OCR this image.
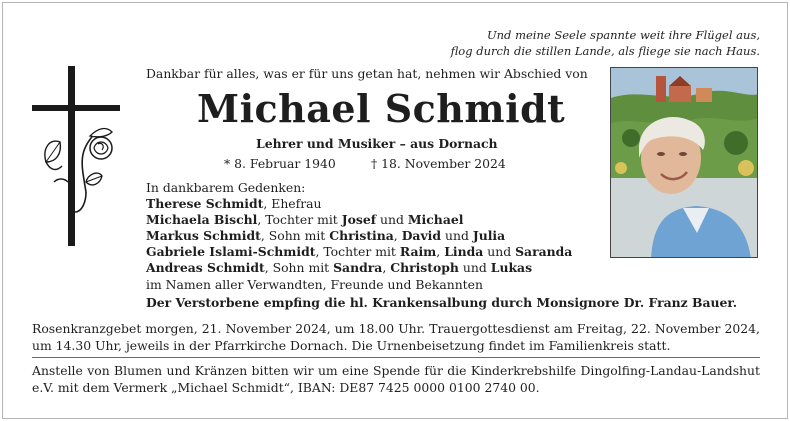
Und meine Seele spannte weit ihre Flügel aus,
flog durch die stillen Lande, als fliege sie nach Haus.
Dankbar für alles, was er für uns getan hat, nehmen wir Abschied von
Michael Schmidt
Lehrer und Musiker – aus Dornach
* 8. Februar 1940	† 18. November 2024
In dankbarem Gedenken:
Therese Schmidt, Ehefrau
Michaela Bischl, Tochter mit Josef und Michael
Markus Schmidt, Sohn mit Christina, David und Julia
Gabriele Islami-Schmidt, Tochter mit Raim, Linda und Saranda
Andreas Schmidt, Sohn mit Sandra, Christoph und Lukas
im Namen aller Verwandten, Freunde und Bekannten
Der Verstorbene empfing die hl. Krankensalbung durch Monsignore Dr. Franz Bauer.
Rosenkranzgebet morgen, 21. November 2024, um 18.00 Uhr. Trauergottesdienst am Freitag, 22. November 2024, um 14.30 Uhr, jeweils in der Pfarrkirche Dornach. Die Urnenbeisetzung findet im Familienkreis statt.
Anstelle von Blumen und Kränzen bitten wir um eine Spende für die Kinderkrebshilfe Dingolfing-Landau-Landshut e.V. mit dem Vermerk „Michael Schmidt“, IBAN: DE87 7425 0000 0100 2740 00.
